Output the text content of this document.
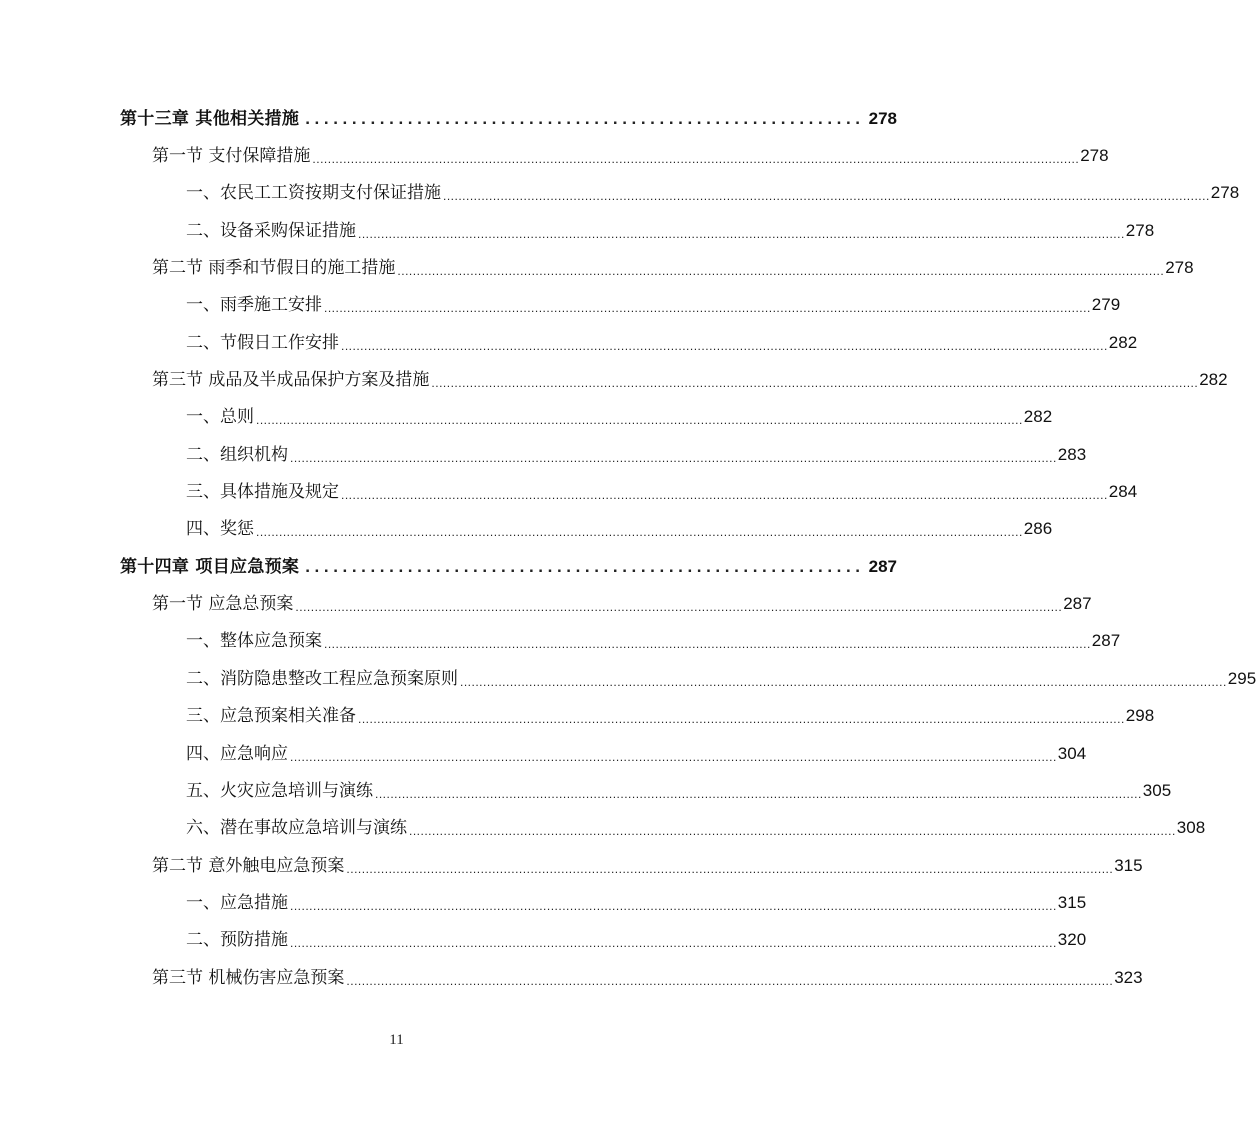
第十三章 其他相关措施 ............................................................ 278
第一节 支付保障措施 ........................................................................................................................................................................................................ 278
一、农民工工资按期支付保证措施 ........................................................................................................................................................................................................ 278
二、设备采购保证措施 ........................................................................................................................................................................................................ 278
第二节 雨季和节假日的施工措施 ........................................................................................................................................................................................................ 278
一、雨季施工安排 ........................................................................................................................................................................................................ 279
二、节假日工作安排 ........................................................................................................................................................................................................ 282
第三节 成品及半成品保护方案及措施 ........................................................................................................................................................................................................ 282
一、总则 ........................................................................................................................................................................................................ 282
二、组织机构 ........................................................................................................................................................................................................ 283
三、具体措施及规定 ........................................................................................................................................................................................................ 284
四、奖惩 ........................................................................................................................................................................................................ 286
第十四章 项目应急预案 ............................................................ 287
第一节 应急总预案 ........................................................................................................................................................................................................ 287
一、整体应急预案 ........................................................................................................................................................................................................ 287
二、消防隐患整改工程应急预案原则 ........................................................................................................................................................................................................ 295
三、应急预案相关准备 ........................................................................................................................................................................................................ 298
四、应急响应 ........................................................................................................................................................................................................ 304
五、火灾应急培训与演练 ........................................................................................................................................................................................................ 305
六、潜在事故应急培训与演练 ........................................................................................................................................................................................................ 308
第二节 意外触电应急预案 ........................................................................................................................................................................................................ 315
一、应急措施 ........................................................................................................................................................................................................ 315
二、预防措施 ........................................................................................................................................................................................................ 320
第三节 机械伤害应急预案 ........................................................................................................................................................................................................ 323
11
